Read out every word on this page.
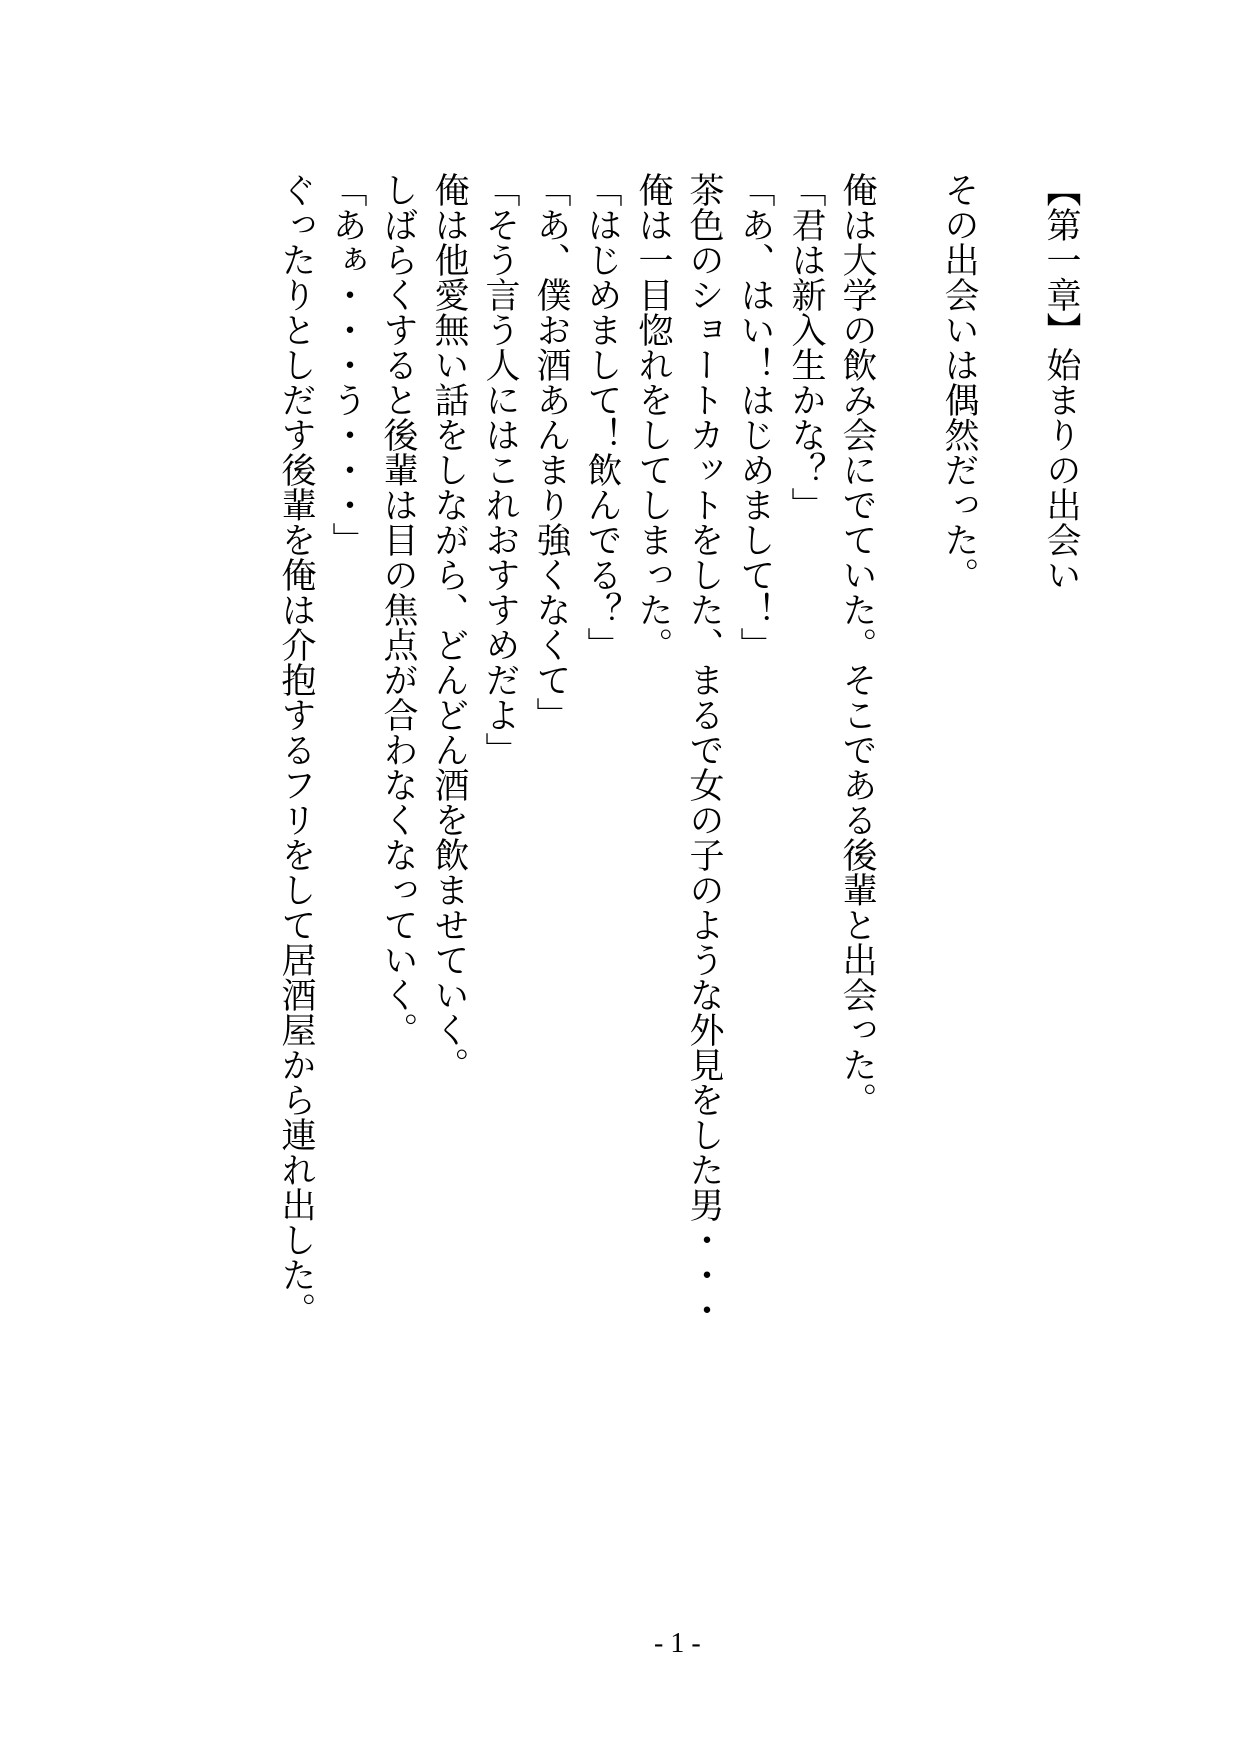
【第一章】始まりの出会い

その出会いは偶然だった。

俺は大学の飲み会にでていた。そこである後輩と出会った。

「君は新入生かな？」

「あ、はい！はじめまして！」

茶色のショートカットをした、まるで女の子のような外見をした男・・・

俺は一目惚れをしてしまった。

「はじめまして！飲んでる？」

「あ、僕お酒あんまり強くなくて」

「そう言う人にはこれおすすめだよ」

俺は他愛無い話をしながら、どんどん酒を飲ませていく。

しばらくすると後輩は目の焦点が合わなくなっていく。

「あぁ・・・う・・・」

ぐったりとしだす後輩を俺は介抱するフリをして居酒屋から連れ出した。

- 1 -
